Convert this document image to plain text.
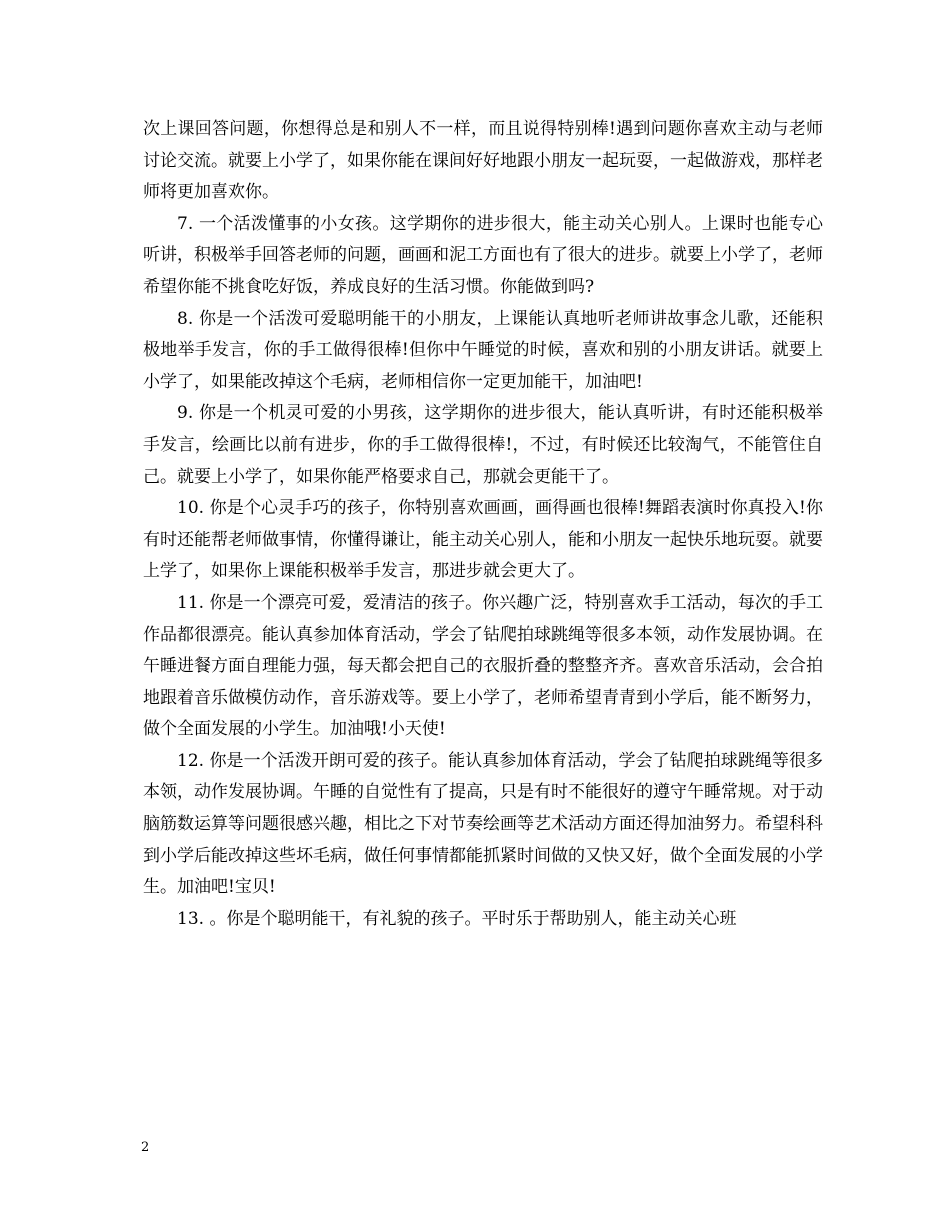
次上课回答问题，你想得总是和别人不一样，而且说得特别棒!遇到问题你喜欢主动与老师讨论交流。就要上小学了，如果你能在课间好好地跟小朋友一起玩耍，一起做游戏，那样老师将更加喜欢你。

7. 一个活泼懂事的小女孩。这学期你的进步很大，能主动关心别人。上课时也能专心听讲，积极举手回答老师的问题，画画和泥工方面也有了很大的进步。就要上小学了，老师希望你能不挑食吃好饭，养成良好的生活习惯。你能做到吗?

8. 你是一个活泼可爱聪明能干的小朋友，上课能认真地听老师讲故事念儿歌，还能积极地举手发言，你的手工做得很棒!但你中午睡觉的时候，喜欢和别的小朋友讲话。就要上小学了，如果能改掉这个毛病，老师相信你一定更加能干，加油吧!

9. 你是一个机灵可爱的小男孩，这学期你的进步很大，能认真听讲，有时还能积极举手发言，绘画比以前有进步，你的手工做得很棒!，不过，有时候还比较淘气，不能管住自己。就要上小学了，如果你能严格要求自己，那就会更能干了。

10. 你是个心灵手巧的孩子，你特别喜欢画画，画得画也很棒!舞蹈表演时你真投入!你有时还能帮老师做事情，你懂得谦让，能主动关心别人，能和小朋友一起快乐地玩耍。就要上学了，如果你上课能积极举手发言，那进步就会更大了。

11. 你是一个漂亮可爱，爱清洁的孩子。你兴趣广泛，特别喜欢手工活动，每次的手工作品都很漂亮。能认真参加体育活动，学会了钻爬拍球跳绳等很多本领，动作发展协调。在午睡进餐方面自理能力强，每天都会把自己的衣服折叠的整整齐齐。喜欢音乐活动，会合拍地跟着音乐做模仿动作，音乐游戏等。要上小学了，老师希望青青到小学后，能不断努力，做个全面发展的小学生。加油哦!小天使!

12. 你是一个活泼开朗可爱的孩子。能认真参加体育活动，学会了钻爬拍球跳绳等很多本领，动作发展协调。午睡的自觉性有了提高，只是有时不能很好的遵守午睡常规。对于动脑筋数运算等问题很感兴趣，相比之下对节奏绘画等艺术活动方面还得加油努力。希望科科到小学后能改掉这些坏毛病，做任何事情都能抓紧时间做的又快又好，做个全面发展的小学生。加油吧!宝贝!

13. 。你是个聪明能干，有礼貌的孩子。平时乐于帮助别人，能主动关心班

2
